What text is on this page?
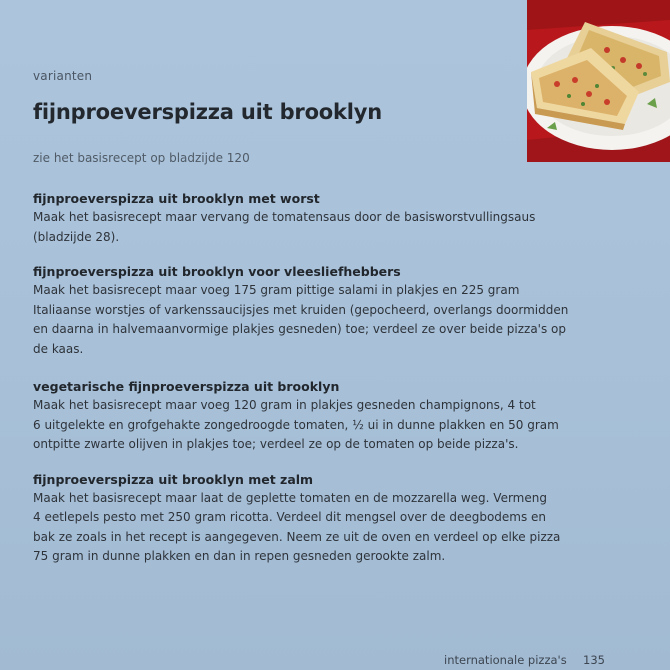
varianten
fijnproeverspizza uit brooklyn
zie het basisrecept op bladzijde 120

fijnproeverspizza uit brooklyn met worst

Maak het basisrecept maar vervang de tomatensaus door de basisworstvullingsaus
(bladzijde 28).

fijnproeverspizza uit brooklyn voor vleesliefhebbers

Maak het basisrecept maar voeg 175 gram pittige salami in plakjes en 225 gram
Italiaanse worstjes of varkenssaucijsjes met kruiden (gepocheerd, overlangs doormidden
en daarna in halvemaanvormige plakjes gesneden) toe; verdeel ze over beide pizza's op
de kaas.

vegetarische fijnproeverspizza uit brooklyn

Maak het basisrecept maar voeg 120 gram in plakjes gesneden champignons, 4 tot
6 uitgelekte en grofgehakte zongedroogde tomaten, ½ ui in dunne plakken en 50 gram
ontpitte zwarte olijven in plakjes toe; verdeel ze op de tomaten op beide pizza's.

fijnproeverspizza uit brooklyn met zalm

Maak het basisrecept maar laat de geplette tomaten en de mozzarella weg. Vermeng
4 eetlepels pesto met 250 gram ricotta. Verdeel dit mengsel over de deegbodems en
bak ze zoals in het recept is aangegeven. Neem ze uit de oven en verdeel op elke pizza
75 gram in dunne plakken en dan in repen gesneden gerookte zalm.

internationale pizza's 135
